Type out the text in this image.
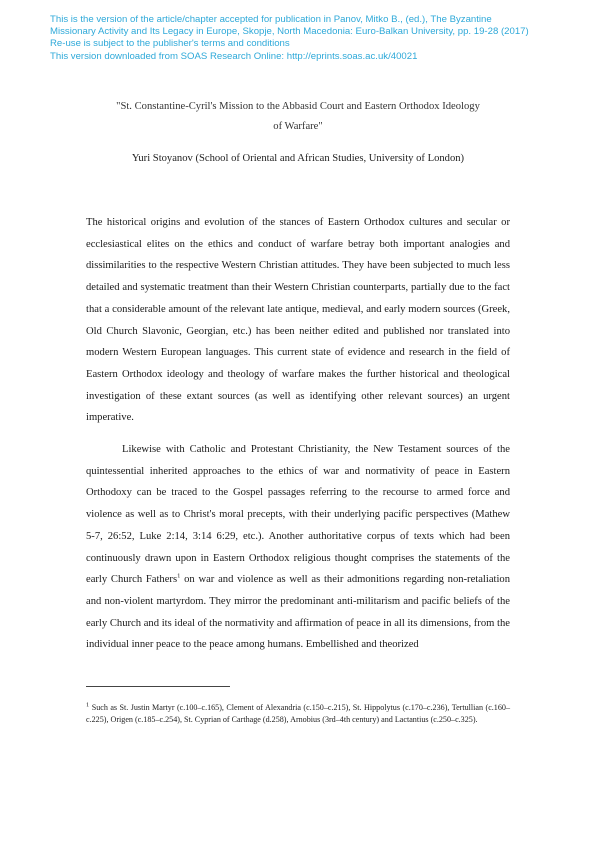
This is the version of the article/chapter accepted for publication in Panov, Mitko B., (ed.), The Byzantine
Missionary Activity and Its Legacy in Europe, Skopje, North Macedonia: Euro-Balkan University, pp. 19-28 (2017)
Re-use is subject to the publisher's terms and conditions
This version downloaded from SOAS Research Online: http://eprints.soas.ac.uk/40021
"St. Constantine-Cyril's Mission to the Abbasid Court and Eastern Orthodox Ideology
of Warfare"
Yuri Stoyanov (School of Oriental and African Studies, University of London)

The historical origins and evolution of the stances of Eastern Orthodox cultures and secular or ecclesiastical elites on the ethics and conduct of warfare betray both important analogies and dissimilarities to the respective Western Christian attitudes. They have been subjected to much less detailed and systematic treatment than their Western Christian counterparts, partially due to the fact that a considerable amount of the relevant late antique, medieval, and early modern sources (Greek, Old Church Slavonic, Georgian, etc.) has been neither edited and published nor translated into modern Western European languages. This current state of evidence and research in the field of Eastern Orthodox ideology and theology of warfare makes the further historical and theological investigation of these extant sources (as well as identifying other relevant sources) an urgent imperative.

Likewise with Catholic and Protestant Christianity, the New Testament sources of the quintessential inherited approaches to the ethics of war and normativity of peace in Eastern Orthodoxy can be traced to the Gospel passages referring to the recourse to armed force and violence as well as to Christ's moral precepts, with their underlying pacific perspectives (Mathew 5-7, 26:52, Luke 2:14, 3:14 6:29, etc.). Another authoritative corpus of texts which had been continuously drawn upon in Eastern Orthodox religious thought comprises the statements of the early Church Fathers$^1$ on war and violence as well as their admonitions regarding non-retaliation and non-violent martyrdom. They mirror the predominant anti-militarism and pacific beliefs of the early Church and its ideal of the normativity and affirmation of peace in all its dimensions, from the individual inner peace to the peace among humans. Embellished and theorized

$^1$ Such as St. Justin Martyr (c.100–c.165), Clement of Alexandria (c.150–c.215), St. Hippolytus (c.170–c.236), Tertullian (c.160–c.225), Origen (c.185–c.254), St. Cyprian of Carthage (d.258), Arnobius (3rd–4th century) and Lactantius (c.250–c.325).
